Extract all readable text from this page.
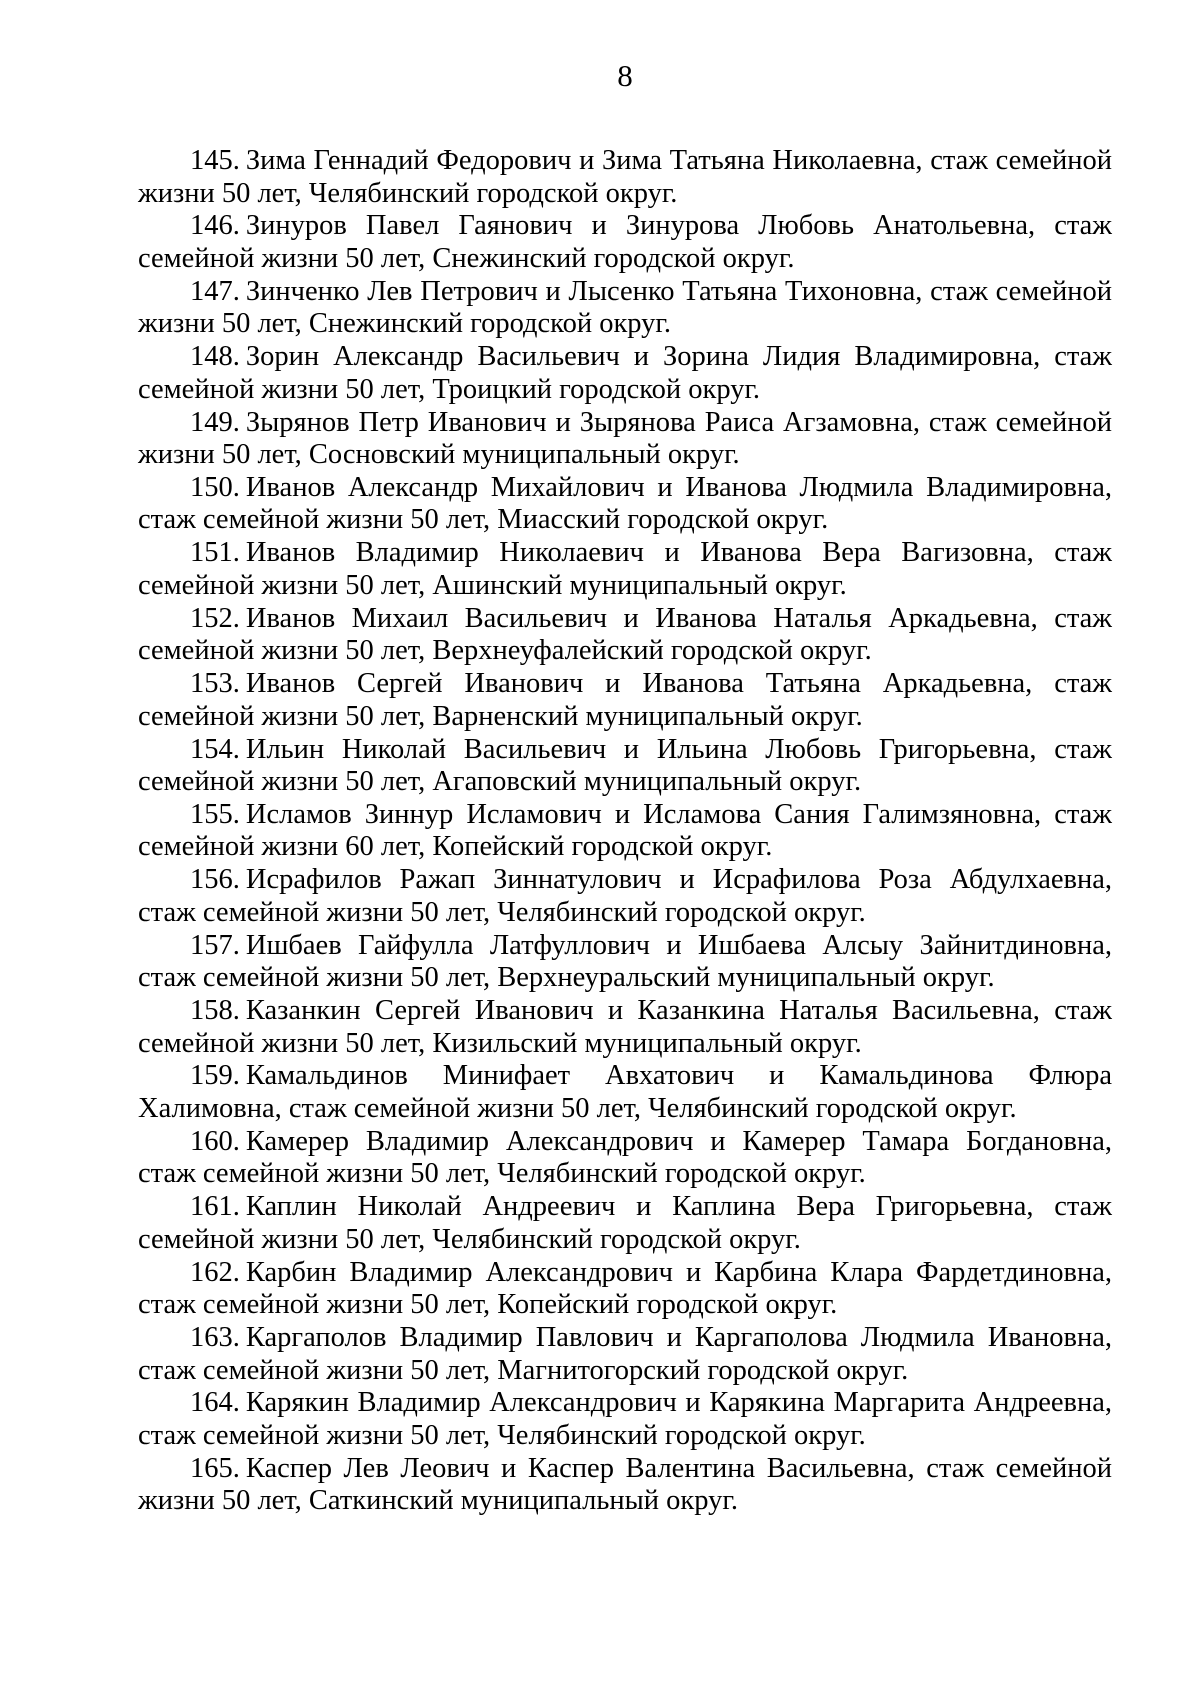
8

145. Зима Геннадий Федорович и Зима Татьяна Николаевна, стаж семейной жизни 50 лет, Челябинский городской округ.

146. Зинуров Павел Гаянович и Зинурова Любовь Анатольевна, стаж семейной жизни 50 лет, Снежинский городской округ.

147. Зинченко Лев Петрович и Лысенко Татьяна Тихоновна, стаж семейной жизни 50 лет, Снежинский городской округ.

148. Зорин Александр Васильевич и Зорина Лидия Владимировна, стаж семейной жизни 50 лет, Троицкий городской округ.

149. Зырянов Петр Иванович и Зырянова Раиса Агзамовна, стаж семейной жизни 50 лет, Сосновский муниципальный округ.

150. Иванов Александр Михайлович и Иванова Людмила Владимировна, стаж семейной жизни 50 лет, Миасский городской округ.

151. Иванов Владимир Николаевич и Иванова Вера Вагизовна, стаж семейной жизни 50 лет, Ашинский муниципальный округ.

152. Иванов Михаил Васильевич и Иванова Наталья Аркадьевна, стаж семейной жизни 50 лет, Верхнеуфалейский городской округ.

153. Иванов Сергей Иванович и Иванова Татьяна Аркадьевна, стаж семейной жизни 50 лет, Варненский муниципальный округ.

154. Ильин Николай Васильевич и Ильина Любовь Григорьевна, стаж семейной жизни 50 лет, Агаповский муниципальный округ.

155. Исламов Зиннур Исламович и Исламова Сания Галимзяновна, стаж семейной жизни 60 лет, Копейский городской округ.

156. Исрафилов Ражап Зиннатулович и Исрафилова Роза Абдулхаевна, стаж семейной жизни 50 лет, Челябинский городской округ.

157. Ишбаев Гайфулла Латфуллович и Ишбаева Алсыу Зайнитдиновна, стаж семейной жизни 50 лет, Верхнеуральский муниципальный округ.

158. Казанкин Сергей Иванович и Казанкина Наталья Васильевна, стаж семейной жизни 50 лет, Кизильский муниципальный округ.

159. Камальдинов Минифает Авхатович и Камальдинова Флюра Халимовна, стаж семейной жизни 50 лет, Челябинский городской округ.

160. Камерер Владимир Александрович и Камерер Тамара Богдановна, стаж семейной жизни 50 лет, Челябинский городской округ.

161. Каплин Николай Андреевич и Каплина Вера Григорьевна, стаж семейной жизни 50 лет, Челябинский городской округ.

162. Карбин Владимир Александрович и Карбина Клара Фардетдиновна, стаж семейной жизни 50 лет, Копейский городской округ.

163. Каргаполов Владимир Павлович и Каргаполова Людмила Ивановна, стаж семейной жизни 50 лет, Магнитогорский городской округ.

164. Карякин Владимир Александрович и Карякина Маргарита Андреевна, стаж семейной жизни 50 лет, Челябинский городской округ.

165. Каспер Лев Леович и Каспер Валентина Васильевна, стаж семейной жизни 50 лет, Саткинский муниципальный округ.
